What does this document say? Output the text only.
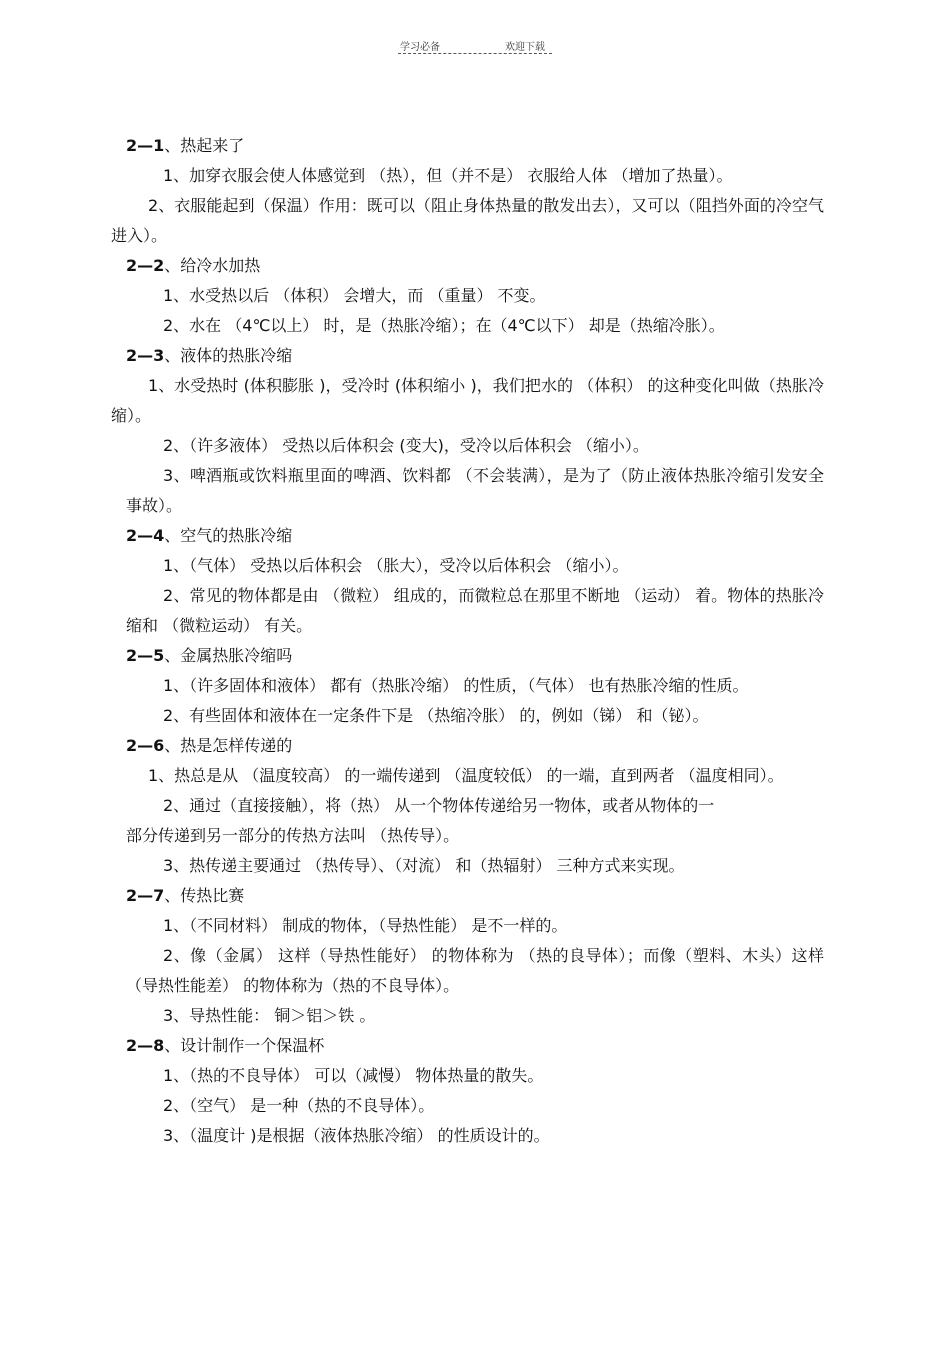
学习必备	欢迎下载

2—1、热起来了

1、加穿衣服会使人体感觉到 （热），但（并不是） 衣服给人体 （增加了热量）。

2、衣服能起到（保温）作用：既可以（阻止身体热量的散发出去），又可以（阻挡外面的冷空气进入）。

2—2、给冷水加热

1、水受热以后 （体积） 会增大，而 （重量） 不变。

2、水在 （4℃以上） 时，是（热胀冷缩）；在（4℃以下） 却是（热缩冷胀）。

2—3、液体的热胀冷缩

1、水受热时 (体积膨胀 )，受冷时 (体积缩小 )，我们把水的 （体积） 的这种变化叫做（热胀冷缩）。

2、（许多液体） 受热以后体积会 (变大)，受冷以后体积会 （缩小）。

3、啤酒瓶或饮料瓶里面的啤酒、饮料都 （不会装满），是为了（防止液体热胀冷缩引发安全事故）。

2—4、空气的热胀冷缩

1、（气体） 受热以后体积会 （胀大），受冷以后体积会 （缩小）。

2、常见的物体都是由 （微粒） 组成的，而微粒总在那里不断地 （运动） 着。物体的热胀冷缩和 （微粒运动） 有关。

2—5、金属热胀冷缩吗

1、（许多固体和液体） 都有（热胀冷缩） 的性质，（气体） 也有热胀冷缩的性质。

2、有些固体和液体在一定条件下是 （热缩冷胀） 的，例如（锑） 和（铋）。

2—6、热是怎样传递的

1、热总是从 （温度较高） 的一端传递到 （温度较低） 的一端，直到两者 （温度相同）。

2、通过（直接接触），将（热） 从一个物体传递给另一物体，或者从物体的一

部分传递到另一部分的传热方法叫 （热传导）。

3、热传递主要通过 （热传导）、（对流） 和（热辐射） 三种方式来实现。

2—7、传热比赛

1、（不同材料） 制成的物体，（导热性能） 是不一样的。

2、像（金属） 这样（导热性能好） 的物体称为 （热的良导体）；而像（塑料、木头）这样（导热性能差） 的物体称为（热的不良导体）。

3、导热性能： 铜＞铝＞铁 。

2—8、设计制作一个保温杯

1、（热的不良导体） 可以（减慢） 物体热量的散失。

2、（空气） 是一种（热的不良导体）。

3、（温度计 )是根据（液体热胀冷缩） 的性质设计的。
